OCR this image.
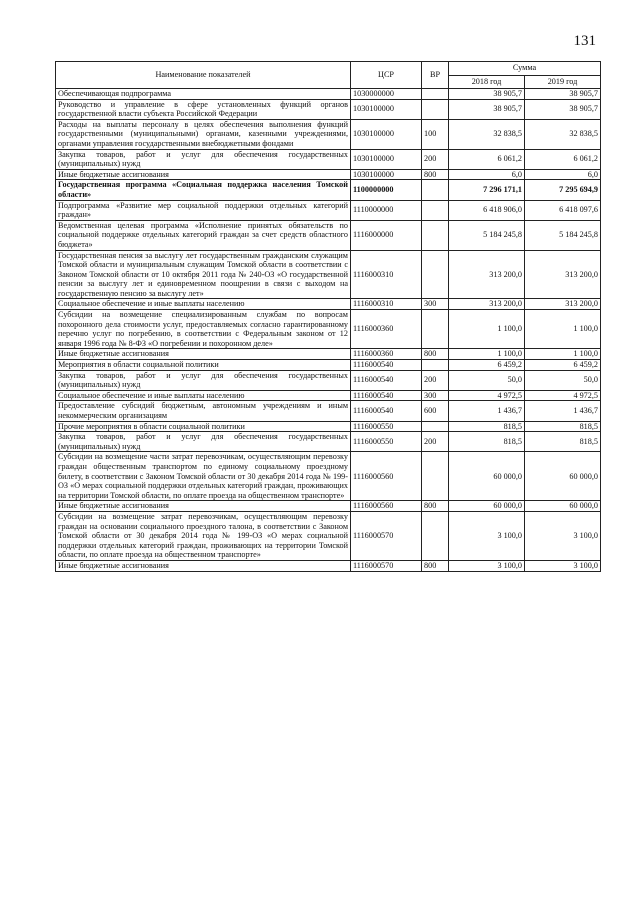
131
Наименование показателей	ЦСР	ВР	Сумма	
			2018 год	2019 год
Обеспечивающая подпрограмма	1030000000		38 905,7	38 905,7
Руководство и управление в сфере установленных функций органов государственной власти субъекта Российской Федерации	1030100000		38 905,7	38 905,7
Расходы на выплаты персоналу в целях обеспечения выполнения функций государственными (муниципальными) органами, казенными учреждениями, органами управления государственными внебюджетными фондами	1030100000	100	32 838,5	32 838,5
Закупка товаров, работ и услуг для обеспечения государственных (муниципальных) нужд	1030100000	200	6 061,2	6 061,2
Иные бюджетные ассигнования	1030100000	800	6,0	6,0
Государственная программа «Социальная поддержка населения Томской области»	1100000000		7 296 171,1	7 295 694,9
Подпрограмма «Развитие мер социальной поддержки отдельных категорий граждан»	1110000000		6 418 906,0	6 418 097,6
Ведомственная целевая программа «Исполнение принятых обязательств по социальной поддержке отдельных категорий граждан за счет средств областного бюджета»	1116000000		5 184 245,8	5 184 245,8
Государственная пенсия за выслугу лет государственным гражданским служащим Томской области и муниципальным служащим Томской области в соответствии с Законом Томской области от 10 октября 2011 года № 240-ОЗ «О государственной пенсии за выслугу лет и единовременном поощрении в связи с выходом на государственную пенсию за выслугу лет»	1116000310		313 200,0	313 200,0
Социальное обеспечение и иные выплаты населению	1116000310	300	313 200,0	313 200,0
Субсидии на возмещение специализированным службам по вопросам похоронного дела стоимости услуг, предоставляемых согласно гарантированному перечню услуг по погребению, в соответствии с Федеральным законом от 12 января 1996 года № 8-ФЗ «О погребении и похоронном деле»	1116000360		1 100,0	1 100,0
Иные бюджетные ассигнования	1116000360	800	1 100,0	1 100,0
Мероприятия в области социальной политики	1116000540		6 459,2	6 459,2
Закупка товаров, работ и услуг для обеспечения государственных (муниципальных) нужд	1116000540	200	50,0	50,0
Социальное обеспечение и иные выплаты населению	1116000540	300	4 972,5	4 972,5
Предоставление субсидий бюджетным, автономным учреждениям и иным некоммерческим организациям	1116000540	600	1 436,7	1 436,7
Прочие мероприятия в области социальной политики	1116000550		818,5	818,5
Закупка товаров, работ и услуг для обеспечения государственных (муниципальных) нужд	1116000550	200	818,5	818,5
Субсидии на возмещение части затрат перевозчикам, осуществляющим перевозку граждан общественным транспортом по единому социальному проездному билету, в соответствии с Законом Томской области от 30 декабря 2014 года № 199-ОЗ «О мерах социальной поддержки отдельных категорий граждан, проживающих на территории Томской области, по оплате проезда на общественном транспорте»	1116000560		60 000,0	60 000,0
Иные бюджетные ассигнования	1116000560	800	60 000,0	60 000,0
Субсидии на возмещение затрат перевозчикам, осуществляющим перевозку граждан на основании социального проездного талона, в соответствии с Законом Томской области от 30 декабря 2014 года № 199-ОЗ «О мерах социальной поддержки отдельных категорий граждан, проживающих на территории Томской области, по оплате проезда на общественном транспорте»	1116000570		3 100,0	3 100,0
Иные бюджетные ассигнования	1116000570	800	3 100,0	3 100,0
